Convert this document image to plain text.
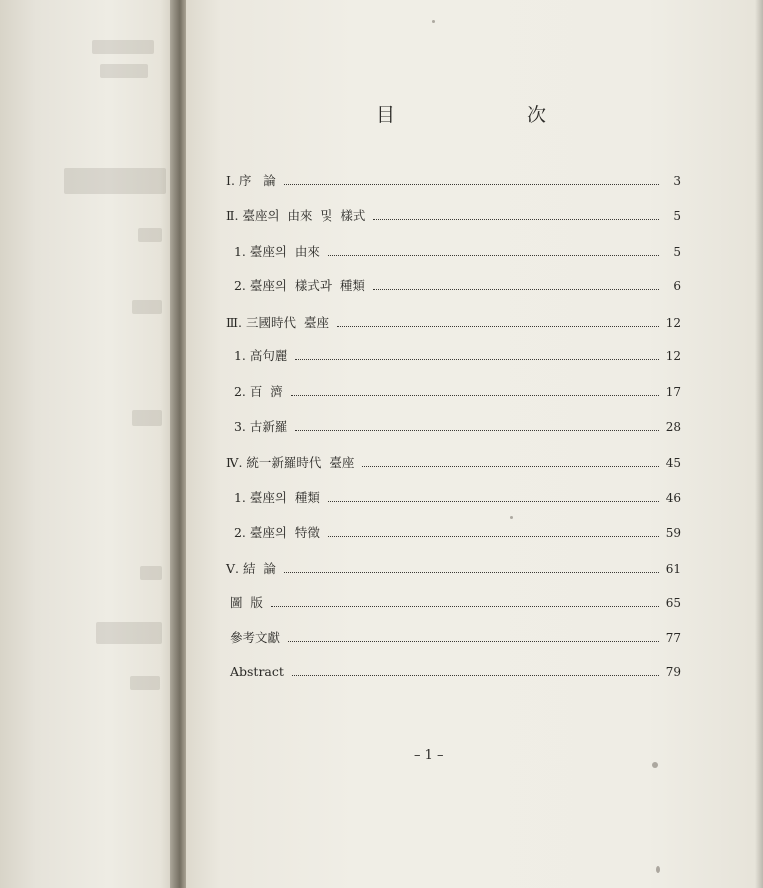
目	次
Ⅰ. 序   論	3
Ⅱ. 臺座의  由來  및  樣式	5
1. 臺座의  由來	5
2. 臺座의  樣式과  種類	6
Ⅲ. 三國時代  臺座	12
1. 高句麗	12
2. 百  濟	17
3. 古新羅	28
Ⅳ. 統一新羅時代  臺座	45
1. 臺座의  種類	46
2. 臺座의  特徵	59
Ⅴ. 結  論	61
圖  版	65
參考文獻	77
Abstract	79
– 1 –
